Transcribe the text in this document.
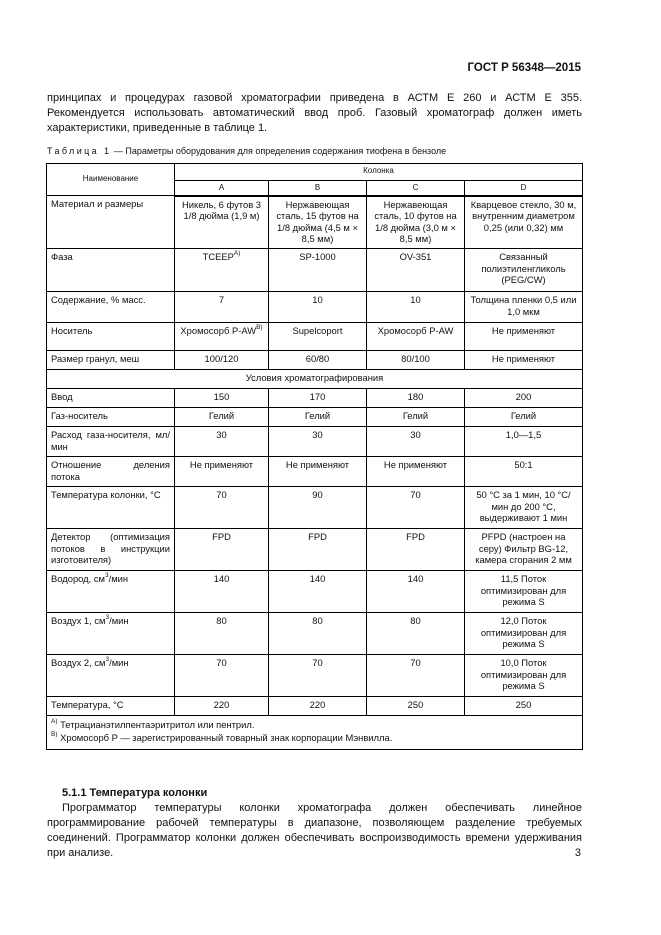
ГОСТ Р 56348—2015
принципах и процедурах газовой хроматографии приведена в АСТМ Е 260 и АСТМ Е 355. Рекомендуется использовать автоматический ввод проб. Газовый хроматограф должен иметь характеристики, приведенные в таблице 1.
Таблица 1 — Параметры оборудования для определения содержания тиофена в бензоле
Наименование	Колонка			
	A	B	C	D
Материал и размеры	Никель, 6 футов 3 1/8 дюйма (1,9 м)	Нержавеющая сталь, 15 футов на 1/8 дюйма (4,5 м × 8,5 мм)	Нержавеющая сталь, 10 футов на 1/8 дюйма (3,0 м × 8,5 мм)	Кварцевое стекло, 30 м, внутренним диаметром 0,25 (или 0,32) мм
Фаза	$TCEEP^{A)}$	SP-1000	OV-351	Связанный полиэтиленгликоль (PEG/CW)
Содержание, % масс.	7	10	10	Толщина пленки 0,5 или 1,0 мкм
Носитель	Хромосорб $P-AW^{B)}$	Supelcoport	Хромосорб P-AW	Не применяют
Размер гранул, меш	100/120	60/80	80/100	Не применяют
Условия хроматографирования				
Ввод	150	170	180	200
Газ-носитель	Гелий	Гелий	Гелий	Гелий
Расход газа-носителя, мл/мин	30	30	30	1,0—1,5
Отношение деления потока	Не применяют	Не применяют	Не применяют	50:1
Температура колонки, °С	70	90	70	50 °С за 1 мин, 10 °С/мин до 200 °С, выдерживают 1 мин
Детектор (оптимизация потоков в инструкции изготовителя)	FPD	FPD	FPD	PFPD (настроен на серу) Фильтр BG-12, камера сгорания 2 мм
Водород, $см^3$/мин	140	140	140	11,5 Поток оптимизирован для режима S
Воздух 1, $см^3$/мин	80	80	80	12,0 Поток оптимизирован для режима S
Воздух 2, $см^3$/мин	70	70	70	10,0 Поток оптимизирован для режима S
Температура, °С	220	220	250	250

$^{A)}$ Тетрацианэтилпентаэритритол или пентрил.
$^{B)}$ Хромосорб P — зарегистрированный товарный знак корпорации Мэнвилла.				
5.1.1 Температура колонки
Программатор температуры колонки хроматографа должен обеспечивать линейное программирование рабочей температуры в диапазоне, позволяющем разделение требуемых соединений. Программатор колонки должен обеспечивать воспроизводимость времени удерживания при анализе.	3
